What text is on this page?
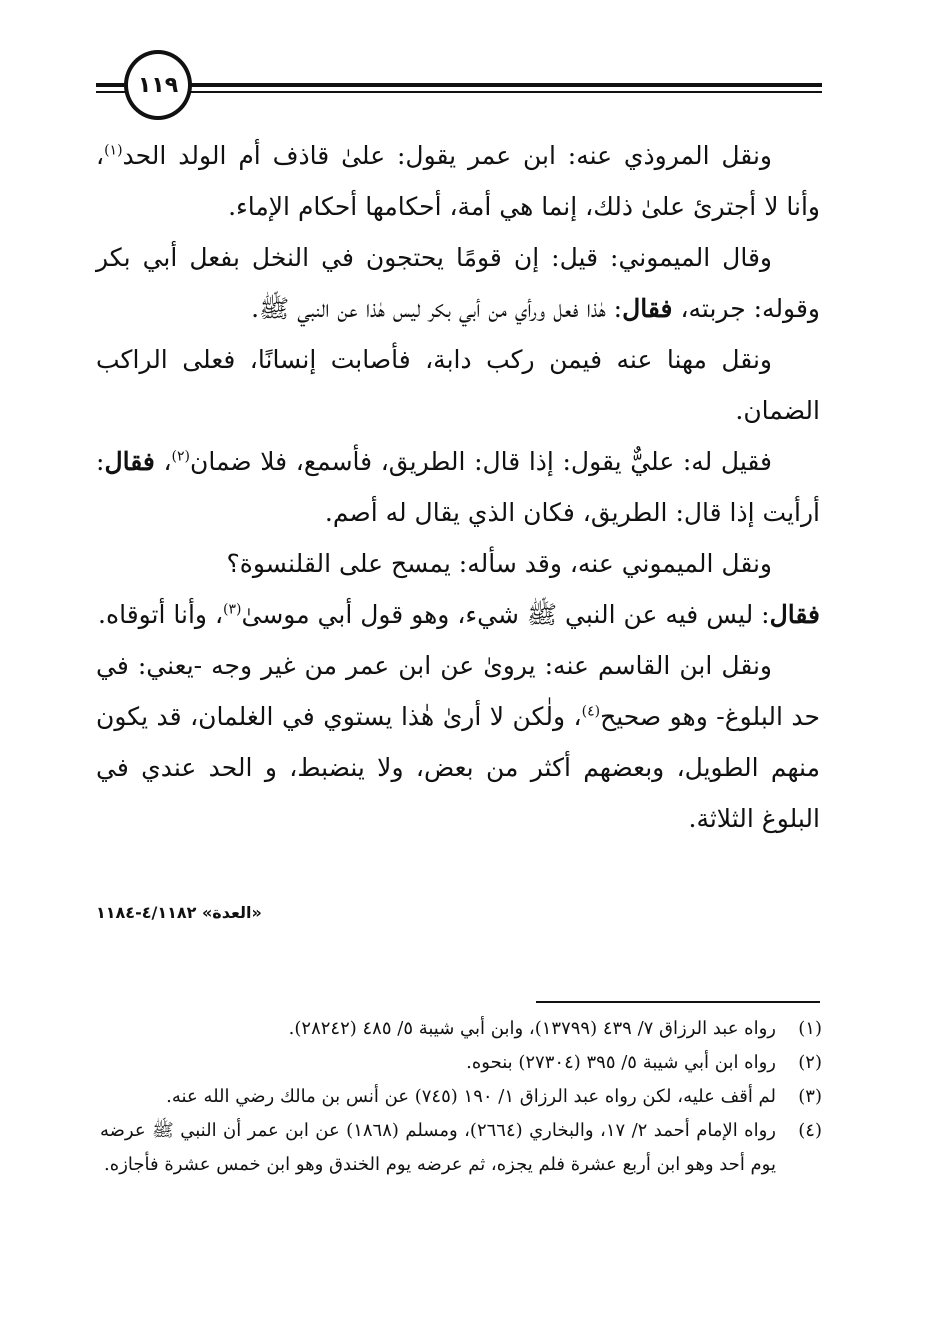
١١٩

ونقل المروذي عنه: ابن عمر يقول: علىٰ قاذف أم الولد الحد$^{(١)}$، وأنا لا أجترئ علىٰ ذلك، إنما هي أمة، أحكامها أحكام الإماء.

وقال الميموني: قيل: إن قومًا يحتجون في النخل بفعل أبي بكر وقوله: جربته، فقال: هٰذا فعل ورأي من أبي بكر ليس هٰذا عن النبي ﷺ.

ونقل مهنا عنه فيمن ركب دابة، فأصابت إنسانًا، فعلى الراكب الضمان.

فقيل له: عليٌّ يقول: إذا قال: الطريق، فأسمع، فلا ضمان$^{(٢)}$، فقال: أرأيت إذا قال: الطريق، فكان الذي يقال له أصم.

ونقل الميموني عنه، وقد سأله: يمسح على القلنسوة؟

فقال: ليس فيه عن النبي ﷺ شيء، وهو قول أبي موسىٰ$^{(٣)}$، وأنا أتوقاه.

ونقل ابن القاسم عنه: يروىٰ عن ابن عمر من غير وجه -يعني: في حد البلوغ- وهو صحيح$^{(٤)}$، ولٰكن لا أرىٰ هٰذا يستوي في الغلمان، قد يكون منهم الطويل، وبعضهم أكثر من بعض، ولا ينضبط، و الحد عندي في البلوغ الثلاثة.

«العدة» ٤/١١٨٢-١١٨٤
(١)
رواه عبد الرزاق ٧/ ٤٣٩ (١٣٧٩٩)، وابن أبي شيبة ٥/ ٤٨٥ (٢٨٢٤٢).
(٢)
رواه ابن أبي شيبة ٥/ ٣٩٥ (٢٧٣٠٤) بنحوه.
(٣)
لم أقف عليه، لكن رواه عبد الرزاق ١/ ١٩٠ (٧٤٥) عن أنس بن مالك رضي الله عنه.
(٤)
رواه الإمام أحمد ٢/ ١٧، والبخاري (٢٦٦٤)، ومسلم (١٨٦٨) عن ابن عمر أن النبي ﷺ عرضه يوم أحد وهو ابن أربع عشرة فلم يجزه، ثم عرضه يوم الخندق وهو ابن خمس عشرة فأجازه.
